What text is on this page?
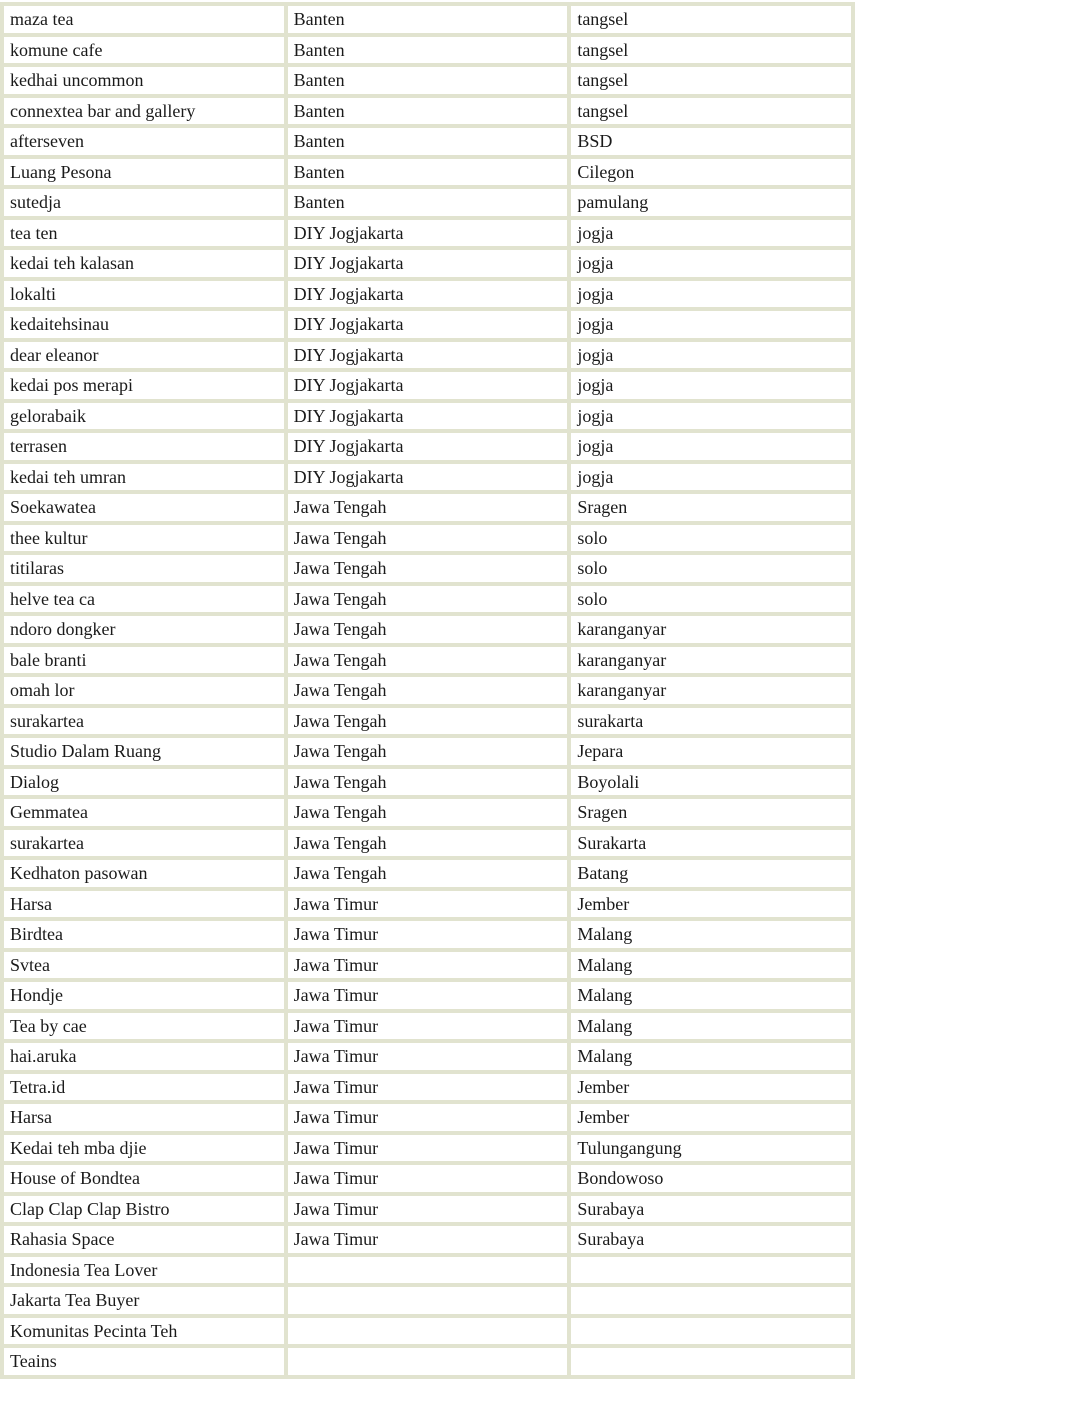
maza tea	Banten	tangsel
komune cafe	Banten	tangsel
kedhai uncommon	Banten	tangsel
connextea bar and gallery	Banten	tangsel
afterseven	Banten	BSD
Luang Pesona	Banten	Cilegon
sutedja	Banten	pamulang
tea ten	DIY Jogjakarta	jogja
kedai teh kalasan	DIY Jogjakarta	jogja
lokalti	DIY Jogjakarta	jogja
kedaitehsinau	DIY Jogjakarta	jogja
dear eleanor	DIY Jogjakarta	jogja
kedai pos merapi	DIY Jogjakarta	jogja
gelorabaik	DIY Jogjakarta	jogja
terrasen	DIY Jogjakarta	jogja
kedai teh umran	DIY Jogjakarta	jogja
Soekawatea	Jawa Tengah	Sragen
thee kultur	Jawa Tengah	solo
titilaras	Jawa Tengah	solo
helve tea ca	Jawa Tengah	solo
ndoro dongker	Jawa Tengah	karanganyar
bale branti	Jawa Tengah	karanganyar
omah lor	Jawa Tengah	karanganyar
surakartea	Jawa Tengah	surakarta
Studio Dalam Ruang	Jawa Tengah	Jepara
Dialog	Jawa Tengah	Boyolali
Gemmatea	Jawa Tengah	Sragen
surakartea	Jawa Tengah	Surakarta
Kedhaton pasowan	Jawa Tengah	Batang
Harsa	Jawa Timur	Jember
Birdtea	Jawa Timur	Malang
Svtea	Jawa Timur	Malang
Hondje	Jawa Timur	Malang
Tea by cae	Jawa Timur	Malang
hai.aruka	Jawa Timur	Malang
Tetra.id	Jawa Timur	Jember
Harsa	Jawa Timur	Jember
Kedai teh mba djie	Jawa Timur	Tulungangung
House of Bondtea	Jawa Timur	Bondowoso
Clap Clap Clap Bistro	Jawa Timur	Surabaya
Rahasia Space	Jawa Timur	Surabaya
Indonesia Tea Lover		
Jakarta Tea Buyer		
Komunitas Pecinta Teh		
Teains		
